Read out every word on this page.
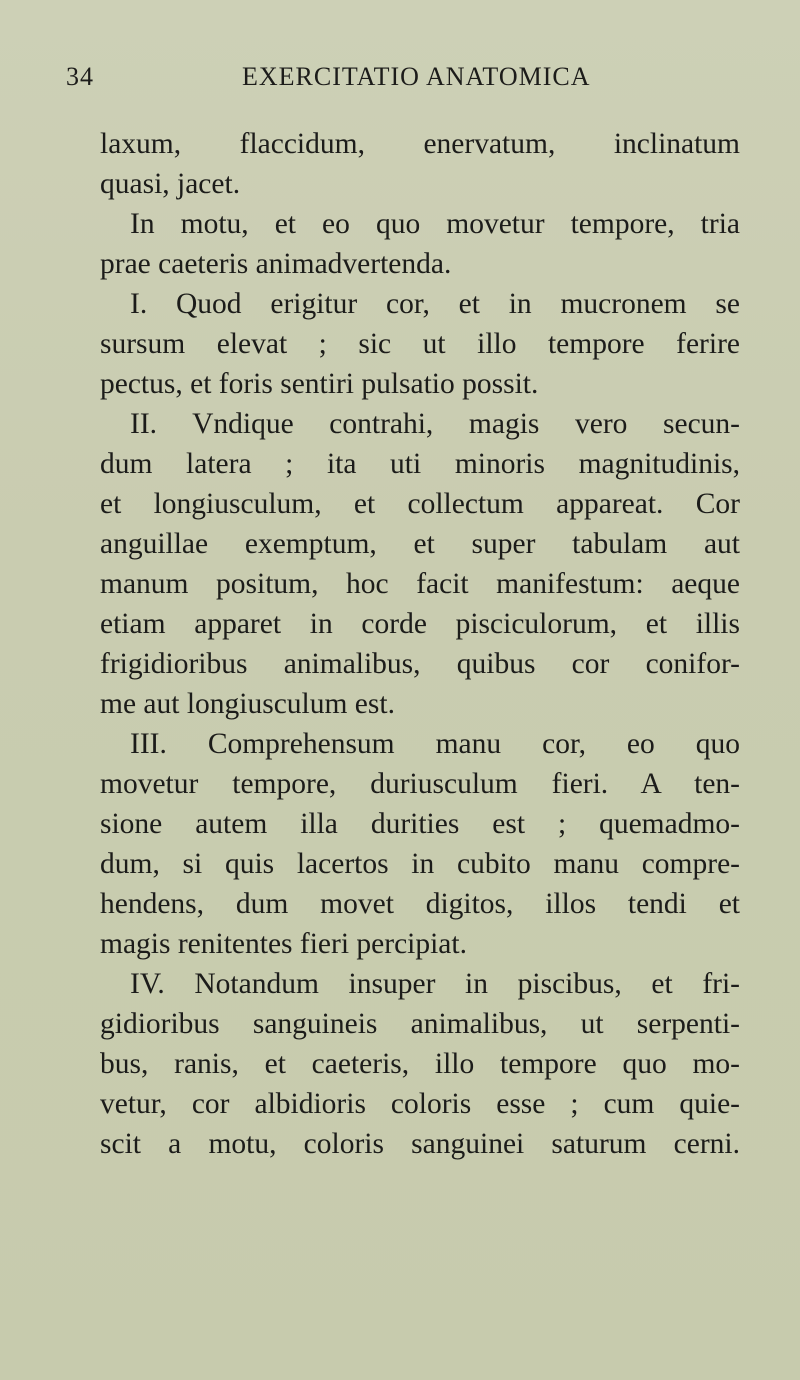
34	EXERCITATIO ANATOMICA
laxum, flaccidum, enervatum, inclinatum
quasi, jacet.
In motu, et eo quo movetur tempore, tria
prae caeteris animadvertenda.
I. Quod erigitur cor, et in mucronem se
sursum elevat ; sic ut illo tempore ferire
pectus, et foris sentiri pulsatio possit.
II. Vndique contrahi, magis vero secun-
dum latera ; ita uti minoris magnitudinis,
et longiusculum, et collectum appareat. Cor
anguillae exemptum, et super tabulam aut
manum positum, hoc facit manifestum: aeque
etiam apparet in corde pisciculorum, et illis
frigidioribus animalibus, quibus cor conifor-
me aut longiusculum est.
III. Comprehensum manu cor, eo quo
movetur tempore, duriusculum fieri. A ten-
sione autem illa durities est ; quemadmo-
dum, si quis lacertos in cubito manu compre-
hendens, dum movet digitos, illos tendi et
magis renitentes fieri percipiat.
IV. Notandum insuper in piscibus, et fri-
gidioribus sanguineis animalibus, ut serpenti-
bus, ranis, et caeteris, illo tempore quo mo-
vetur, cor albidioris coloris esse ; cum quie-
scit a motu, coloris sanguinei saturum cerni.
